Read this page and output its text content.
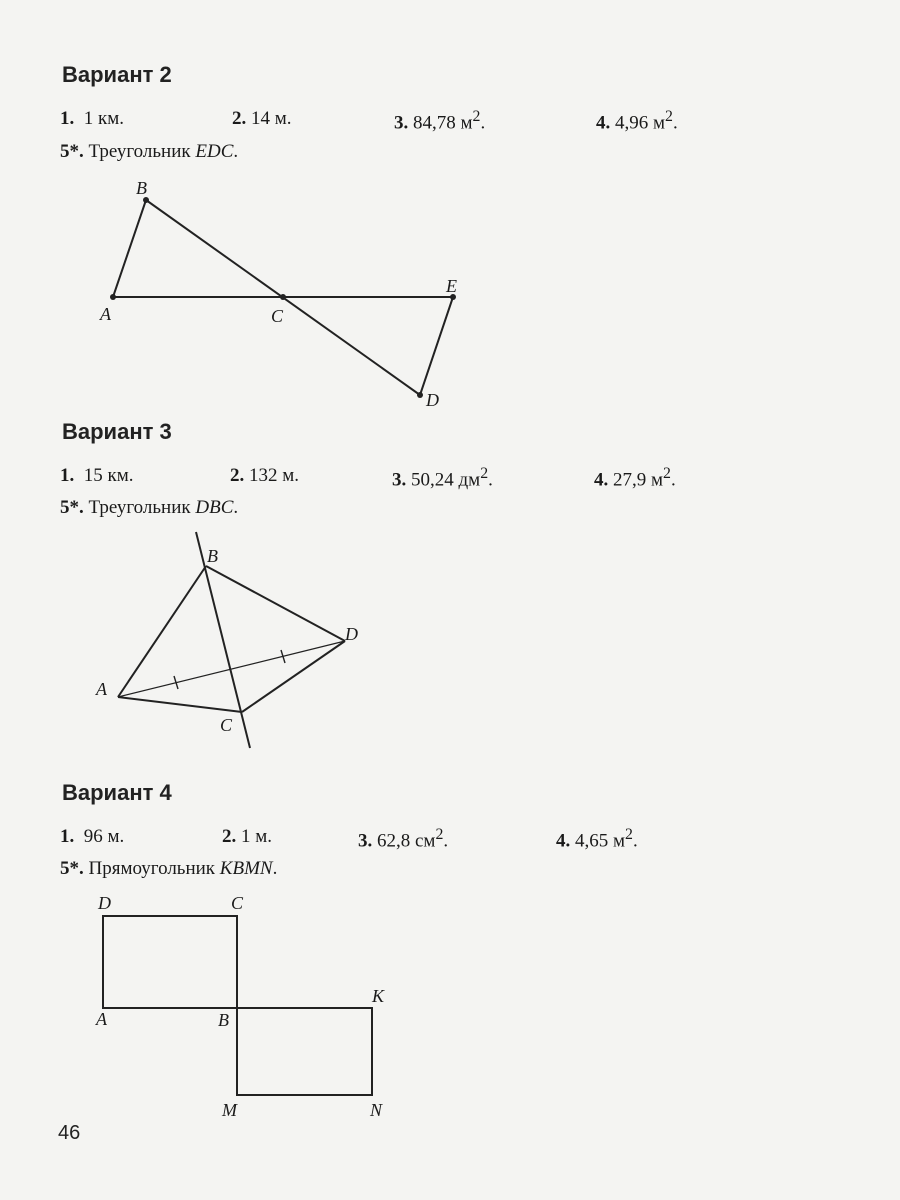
Вариант 2
1. 1 км.	2. 14 м.	3. 84,78 $м^2$.	4. 4,96 $м^2$.
5*. Треугольник EDC.
B
A	C
E
D
Вариант 3
1. 15 км.	2. 132 м.	3. 50,24 $дм^2$.	4. 27,9 $м^2$.
5*. Треугольник DBC.
B
A
C
D
Вариант 4
1. 96 м.	2. 1 м.	3. 62,8 $см^2$.	4. 4,65 $м^2$.
5*. Прямоугольник KBMN.
D	C
A	B
K
M	N
46
